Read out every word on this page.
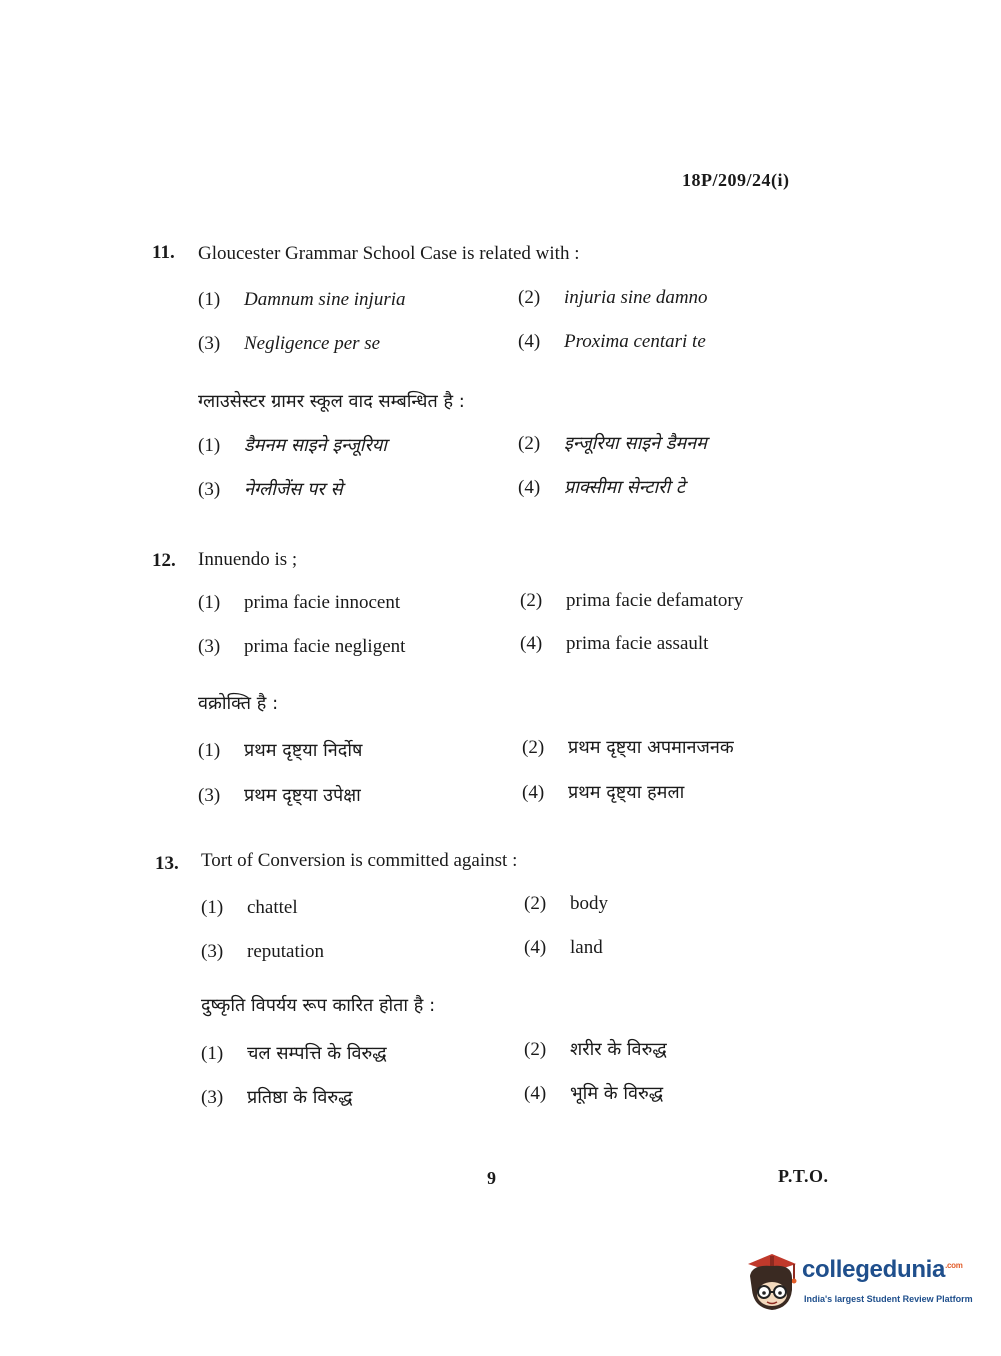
18P/209/24(i)
11. Gloucester Grammar School Case is related with :
(1) Damnum sine injuria	(2) injuria sine damno
(3) Negligence per se	(4) Proxima centari te
ग्लाउसेस्टर ग्रामर स्कूल वाद सम्बन्धित है :
(1) डैमनम साइने इन्जूरिया	(2) इन्जूरिया साइने डैमनम
(3) नेग्लीजेंस पर से	(4) प्राक्सीमा सेन्टारी टे
12. Innuendo is ;
(1) prima facie innocent	(2) prima facie defamatory
(3) prima facie negligent	(4) prima facie assault
वक्रोक्ति है :
(1) प्रथम दृष्ट्या निर्दोष	(2) प्रथम दृष्ट्या अपमानजनक
(3) प्रथम दृष्ट्या उपेक्षा	(4) प्रथम दृष्ट्या हमला
13. Tort of Conversion is committed against :
(1) chattel	(2) body
(3) reputation	(4) land
दुष्कृति विपर्यय रूप कारित होता है :
(1) चल सम्पत्ति के विरुद्ध	(2) शरीर के विरुद्ध
(3) प्रतिष्ठा के विरुद्ध	(4) भूमि के विरुद्ध
9	P.T.O.
collegedunia$^{.com}$
India's largest Student Review Platform
